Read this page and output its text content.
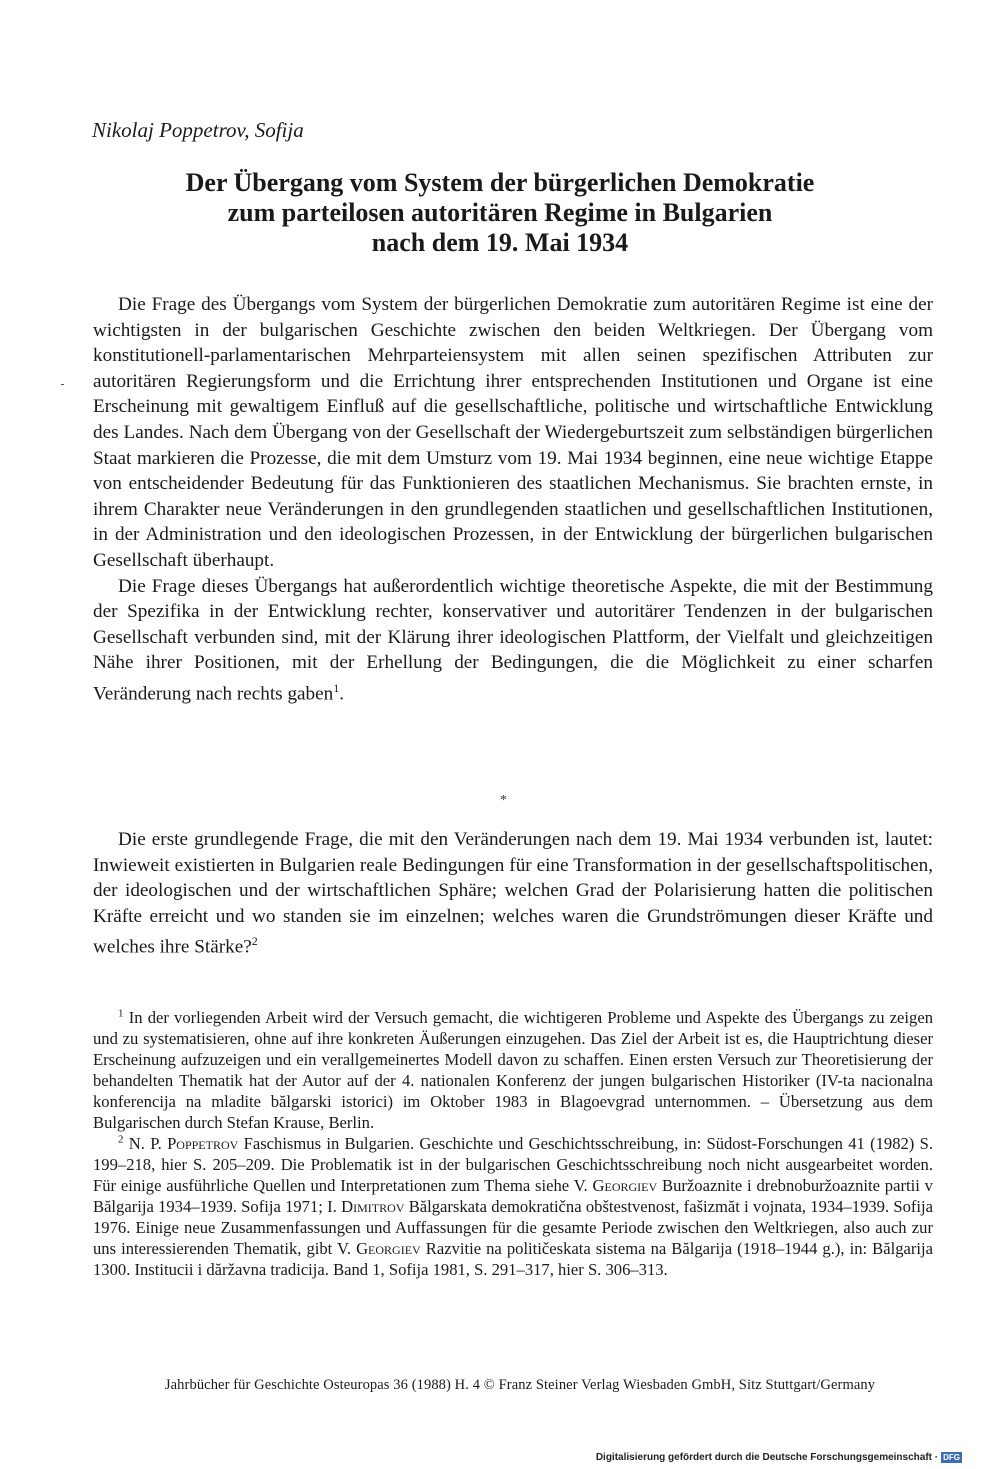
Nikolaj Poppetrov, Sofija
Der Übergang vom System der bürgerlichen Demokratie
zum parteilosen autoritären Regime in Bulgarien
nach dem 19. Mai 1934

Die Frage des Übergangs vom System der bürgerlichen Demokratie zum autoritären Regime ist eine der wichtigsten in der bulgarischen Geschichte zwischen den beiden Weltkriegen. Der Übergang vom konstitutionell-parlamentarischen Mehrparteiensystem mit allen seinen spezifischen Attributen zur autoritären Regierungsform und die Errichtung ihrer entsprechenden Institutionen und Organe ist eine Erscheinung mit gewaltigem Einfluß auf die gesellschaftliche, politische und wirtschaftliche Entwicklung des Landes. Nach dem Übergang von der Gesellschaft der Wiedergeburtszeit zum selbständigen bürgerlichen Staat markieren die Prozesse, die mit dem Umsturz vom 19. Mai 1934 beginnen, eine neue wichtige Etappe von entscheidender Bedeutung für das Funktionieren des staatlichen Mechanismus. Sie brachten ernste, in ihrem Charakter neue Veränderungen in den grundlegenden staatlichen und gesellschaftlichen Institutionen, in der Administration und den ideologischen Prozessen, in der Entwicklung der bürgerlichen bulgarischen Gesellschaft überhaupt.

Die Frage dieses Übergangs hat außerordentlich wichtige theoretische Aspekte, die mit der Bestimmung der Spezifika in der Entwicklung rechter, konservativer und autoritärer Tendenzen in der bulgarischen Gesellschaft verbunden sind, mit der Klärung ihrer ideologischen Plattform, der Vielfalt und gleichzeitigen Nähe ihrer Positionen, mit der Erhellung der Bedingungen, die die Möglichkeit zu einer scharfen Veränderung nach rechts gaben$^1$.

*

Die erste grundlegende Frage, die mit den Veränderungen nach dem 19. Mai 1934 verbunden ist, lautet: Inwieweit existierten in Bulgarien reale Bedingungen für eine Transformation in der gesellschaftspolitischen, der ideologischen und der wirtschaftlichen Sphäre; welchen Grad der Polarisierung hatten die politischen Kräfte erreicht und wo standen sie im einzelnen; welches waren die Grundströmungen dieser Kräfte und welches ihre Stärke?$^2$

$^1$ In der vorliegenden Arbeit wird der Versuch gemacht, die wichtigeren Probleme und Aspekte des Übergangs zu zeigen und zu systematisieren, ohne auf ihre konkreten Äußerungen einzugehen. Das Ziel der Arbeit ist es, die Hauptrichtung dieser Erscheinung aufzuzeigen und ein verallgemeinertes Modell davon zu schaffen. Einen ersten Versuch zur Theoretisierung der behandelten Thematik hat der Autor auf der 4. nationalen Konferenz der jungen bulgarischen Historiker (IV-ta nacionalna konferencija na mladite bălgarski istorici) im Oktober 1983 in Blagoevgrad unternommen. – Übersetzung aus dem Bulgarischen durch Stefan Krause, Berlin.

$^2$ N. P. Poppetrov Faschismus in Bulgarien. Geschichte und Geschichtsschreibung, in: Südost-Forschungen 41 (1982) S. 199–218, hier S. 205–209. Die Problematik ist in der bulgarischen Geschichtsschreibung noch nicht ausgearbeitet worden. Für einige ausführliche Quellen und Interpretationen zum Thema siehe V. Georgiev Buržoaznite i drebnoburžoaznite partii v Bălgarija 1934–1939. Sofija 1971; I. Dimitrov Bălgarskata demokratična obštestvenost, fašizmăt i vojnata, 1934–1939. Sofija 1976. Einige neue Zusammenfassungen und Auffassungen für die gesamte Periode zwischen den Weltkriegen, also auch zur uns interessierenden Thematik, gibt V. Georgiev Razvitie na političeskata sistema na Bălgarija (1918–1944 g.), in: Bălgarija 1300. Institucii i dăržavna tradicija. Band 1, Sofija 1981, S. 291–317, hier S. 306–313.

Jahrbücher für Geschichte Osteuropas 36 (1988) H. 4 © Franz Steiner Verlag Wiesbaden GmbH, Sitz Stuttgart/Germany
Digitalisierung gefördert durch die Deutsche Forschungsgemeinschaft · DFG
